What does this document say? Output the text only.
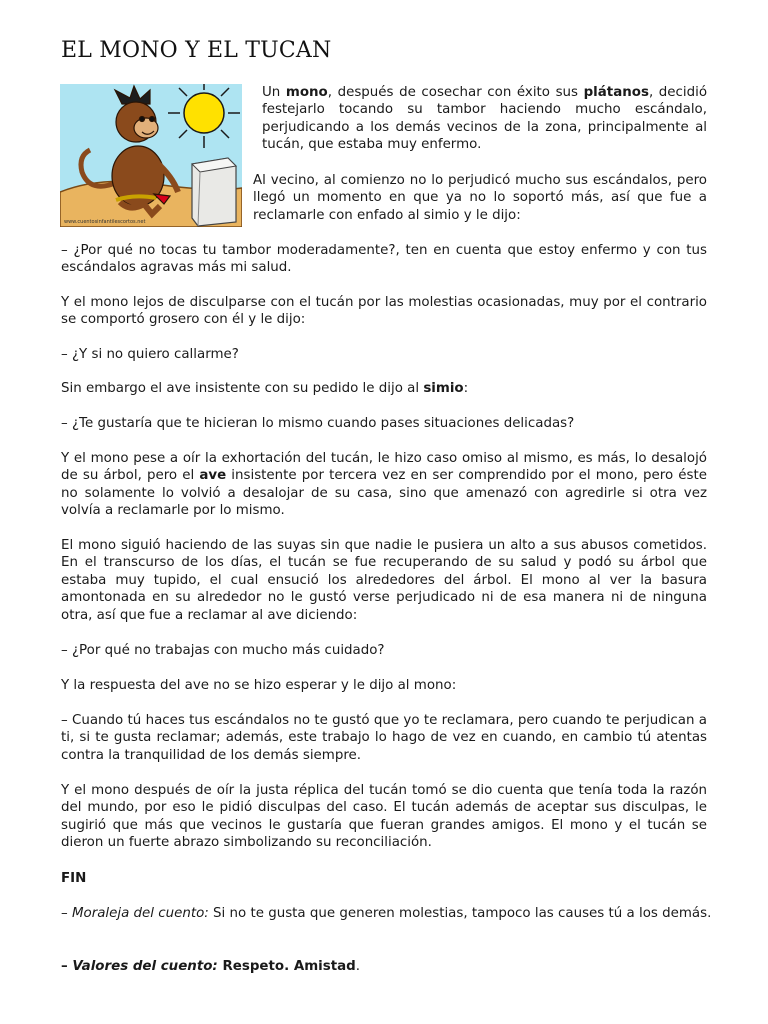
EL MONO Y EL TUCAN
www.cuentosinfantilescortos.net

Un mono, después de cosechar con éxito sus plátanos, decidió festejarlo tocando su tambor haciendo mucho escándalo, perjudicando a los demás vecinos de la zona, principalmente al tucán, que estaba muy enfermo.

Al vecino, al comienzo no lo perjudicó mucho sus escándalos, pero llegó un momento en que ya no lo soportó más, así que fue a reclamarle con enfado al simio y le dijo:

– ¿Por qué no tocas tu tambor moderadamente?, ten en cuenta que estoy enfermo y con tus escándalos agravas más mi salud.

Y el mono lejos de disculparse con el tucán por las molestias ocasionadas, muy por el contrario se comportó grosero con él y le dijo:

– ¿Y si no quiero callarme?

Sin embargo el ave insistente con su pedido le dijo al simio:

– ¿Te gustaría que te hicieran lo mismo cuando pases situaciones delicadas?

Y el mono pese a oír la exhortación del tucán, le hizo caso omiso al mismo, es más, lo desalojó de su árbol, pero el ave insistente por tercera vez en ser comprendido por el mono, pero éste no solamente lo volvió a desalojar de su casa, sino que amenazó con agredirle si otra vez volvía a reclamarle por lo mismo.

El mono siguió haciendo de las suyas sin que nadie le pusiera un alto a sus abusos cometidos. En el transcurso de los días, el tucán se fue recuperando de su salud y podó su árbol que estaba muy tupido, el cual ensució los alrededores del árbol. El mono al ver la basura amontonada en su alrededor no le gustó verse perjudicado ni de esa manera ni de ninguna otra, así que fue a reclamar al ave diciendo:

– ¿Por qué no trabajas con mucho más cuidado?

Y la respuesta del ave no se hizo esperar y le dijo al mono:

– Cuando tú haces tus escándalos no te gustó que yo te reclamara, pero cuando te perjudican a ti, si te gusta reclamar; además, este trabajo lo hago de vez en cuando, en cambio tú atentas contra la tranquilidad de los demás siempre.

Y el mono después de oír la justa réplica del tucán tomó se dio cuenta que tenía toda la razón del mundo, por eso le pidió disculpas del caso. El tucán además de aceptar sus disculpas, le sugirió que más que vecinos le gustaría que fueran grandes amigos. El mono y el tucán se dieron un fuerte abrazo simbolizando su reconciliación.

FIN

– Moraleja del cuento: Si no te gusta que generen molestias, tampoco las causes tú a los demás.

– Valores del cuento: Respeto. Amistad.
